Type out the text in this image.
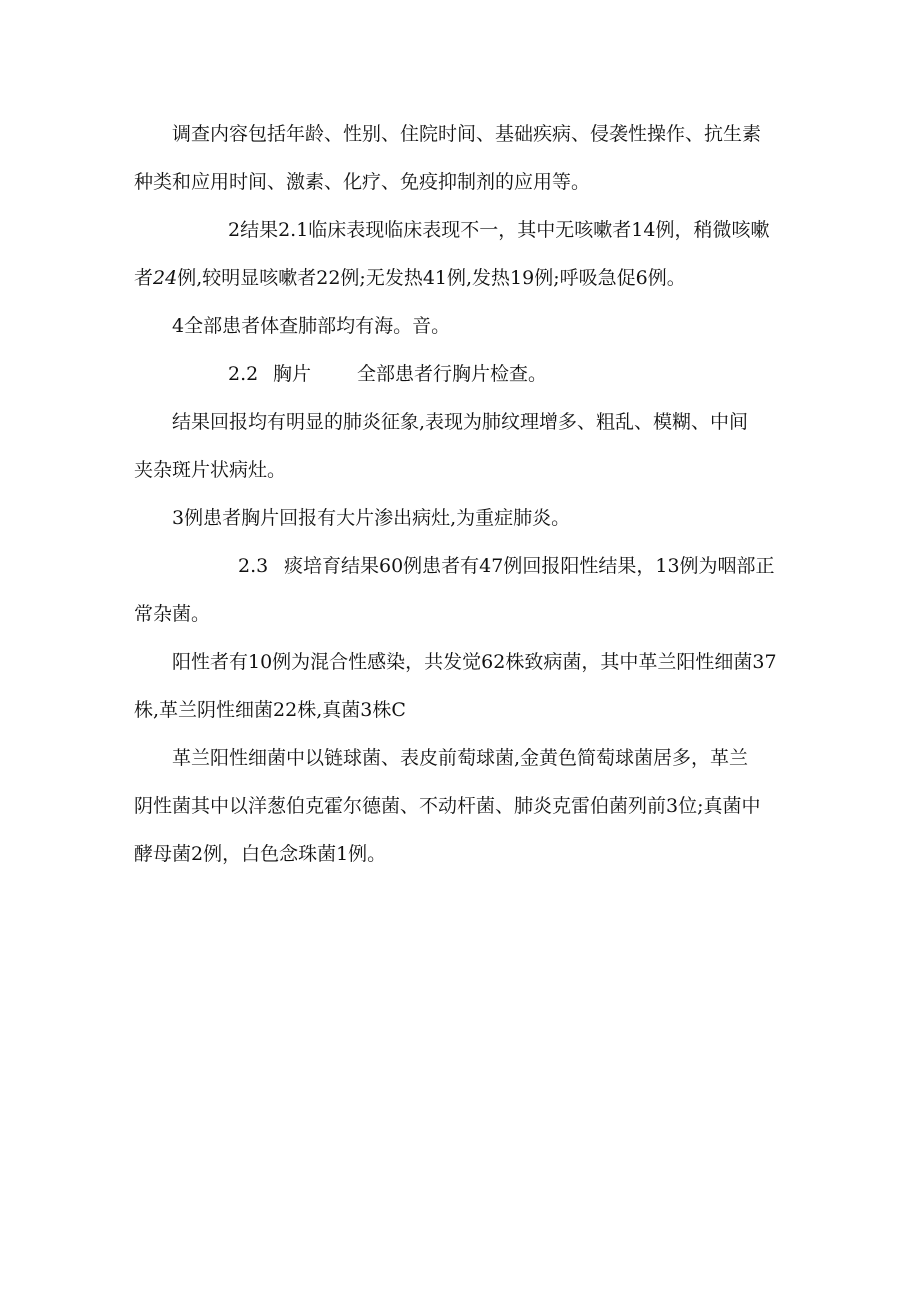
调查内容包括年龄、性别、住院时间、基础疾病、侵袭性操作、抗生素
种类和应用时间、激素、化疗、免疫抑制剂的应用等。
2结果2.1临床表现临床表现不一，其中无咳嗽者14例，稍微咳嗽
者24例,较明显咳嗽者22例;无发热41例,发热19例;呼吸急促6例。
4全部患者体查肺部均有海。音。
2.2 胸片 全部患者行胸片检查。
结果回报均有明显的肺炎征象,表现为肺纹理增多、粗乱、模糊、中间
夹杂斑片状病灶。
3例患者胸片回报有大片渗出病灶,为重症肺炎。
2.3 痰培育结果60例患者有47例回报阳性结果，13例为咽部正
常杂菌。
阳性者有10例为混合性感染，共发觉62株致病菌，其中革兰阳性细菌37
株,革兰阴性细菌22株,真菌3株C
革兰阳性细菌中以链球菌、表皮前萄球菌,金黄色简萄球菌居多，革兰
阴性菌其中以洋葱伯克霍尔德菌、不动杆菌、肺炎克雷伯菌列前3位;真菌中
酵母菌2例，白色念珠菌1例。
